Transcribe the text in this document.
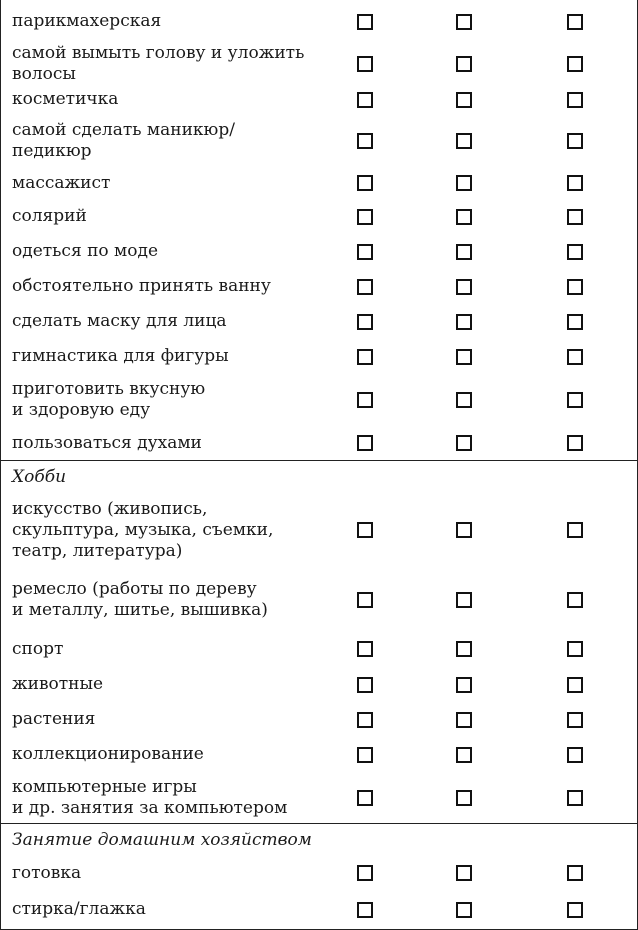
парикмахерская
самой вымыть голову и уложить
волосы
косметичка
самой сделать маникюр/
педикюр
массажист
солярий
одеться по моде
обстоятельно принять ванну
сделать маску для лица
гимнастика для фигуры
приготовить вкусную
и здоровую еду
пользоваться духами
Хобби
искусство (живопись,
скульптура, музыка, съемки,
театр, литература)
ремесло (работы по дереву
и металлу, шитье, вышивка)
спорт
животные
растения
коллекционирование
компьютерные игры
и др. занятия за компьютером
Занятие домашним хозяйством
готовка
стирка/глажка
